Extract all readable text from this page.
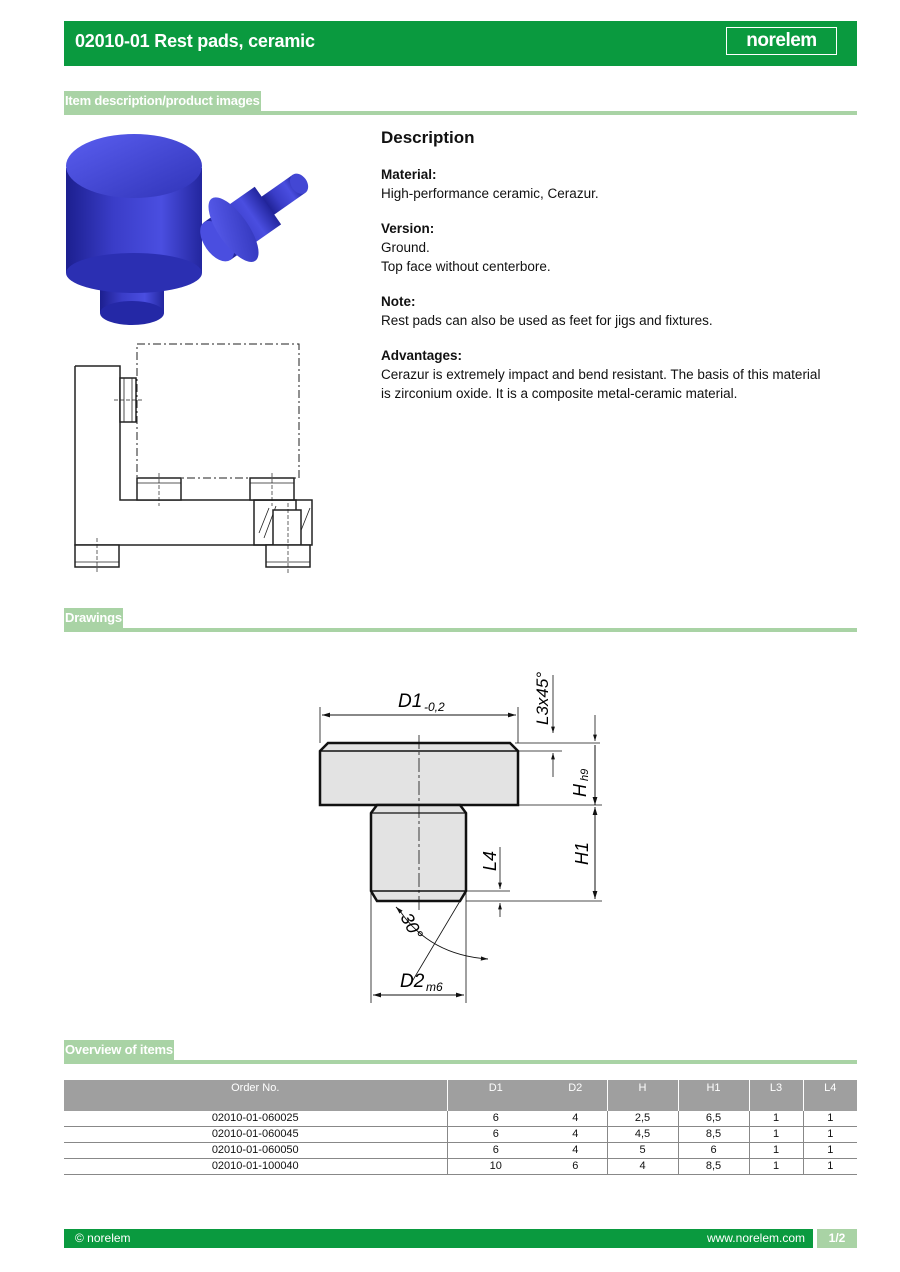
02010-01 Rest pads, ceramic	norelem
Item description/product images
Description

Material:

High-performance ceramic, Cerazur.

Version:

Ground.

Top face without centerbore.

Note:

Rest pads can also be used as feet for jigs and fixtures.

Advantages:

Cerazur is extremely impact and bend resistant. The basis of this material is zirconium oxide. It is a composite metal-ceramic material.

Drawings
D1 -0,2	L3x45°
H
h9
H1
L4
30°
D2 m6
Overview of items
Order No.	D1	D2	H	H1	L3	L4
02010-01-060025	6	4	2,5	6,5	1	1
02010-01-060045	6	4	4,5	8,5	1	1
02010-01-060050	6	4	5	6	1	1
02010-01-100040	10	6	4	8,5	1	1
© norelem	www.norelem.com	1/2
